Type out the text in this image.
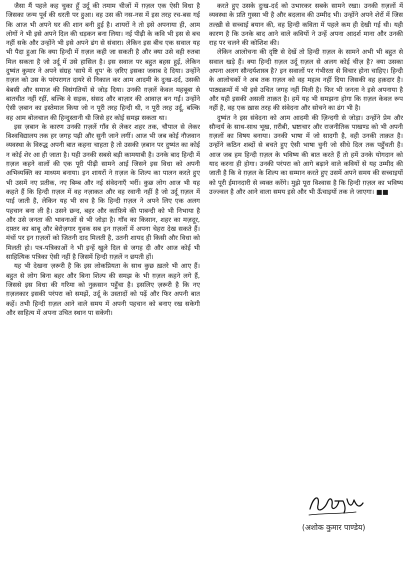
जैसा मैं पहले कह चुका हूँ उर्दू की तमाम चीजों में ग़ज़ल एक ऐसी विधा है जिसका जन्म पूर्व की धरती पर हुआ। वह उस की नस-नस में इस तरह रच-बस गई कि आज भी अपने घर की शान बनी हुई है। शायरों ने तो इसे अपनाया ही, आम लोगों ने भी इसे अपने दिल की धड़कन बना लिया। नई पीढ़ी के कवि भी इस से बच नहीं सके और उन्होंने भी इसे अपने ढंग से संवारा। लेकिन इस बीच एक सवाल यह भी पैदा हुआ कि क्या हिन्दी में ग़ज़ल कही जा सकती है और क्या उसे वही रुतबा मिल सकता है जो उर्दू में उसे हासिल है। इस सवाल पर बहुत बहस हुई, लेकिन दुष्यंत कुमार ने अपने संग्रह 'साये में धूप' के ज़रिए इसका जवाब दे दिया। उन्होंने ग़ज़ल को उस के परंपरागत दायरे से निकाल कर आम आदमी के दुःख-दर्द, उसकी बेबसी और समाज की विसंगतियों से जोड़ दिया। उनकी ग़ज़लें केवल महबूबा से बातचीत नहीं रहीं, बल्कि वे सड़क, संसद और बाज़ार की आवाज़ बन गईं। उन्होंने ऐसी ज़बान का इस्तेमाल किया जो न पूरी तरह हिन्दी थी, न पूरी तरह उर्दू, बल्कि वह आम बोलचाल की हिन्दुस्तानी थी जिसे हर कोई समझ सकता था।

इस ज़बान के कारण उनकी ग़ज़लें गाँव से लेकर शहर तक, चौपाल से लेकर विश्वविद्यालय तक हर जगह पढ़ी और सुनी जाने लगीं। आज भी जब कोई नौजवान व्यवस्था के विरुद्ध अपनी बात कहना चाहता है तो उसकी ज़बान पर दुष्यंत का कोई न कोई शेर आ ही जाता है। यही उनकी सबसे बड़ी कामयाबी है। उनके बाद हिन्दी में ग़ज़ल कहने वालों की एक पूरी पीढ़ी सामने आई जिसने इस विधा को अपनी अभिव्यक्ति का माध्यम बनाया। इन शायरों ने ग़ज़ल के शिल्प का पालन करते हुए भी उसमें नए प्रतीक, नए बिम्ब और नई संवेदनाएँ भरीं। कुछ लोग आज भी यह कहते हैं कि हिन्दी ग़ज़ल में वह नज़ाकत और वह रवानी नहीं है जो उर्दू ग़ज़ल में पाई जाती है, लेकिन यह भी सच है कि हिन्दी ग़ज़ल ने अपने लिए एक अलग पहचान बना ली है। उसने छन्द, बहर और काफ़िये की पाबन्दी को भी निभाया है और उसे जनता की भावनाओं से भी जोड़ा है। गाँव का किसान, शहर का मज़दूर, दफ़्तर का बाबू और बेरोज़गार युवक सब इन ग़ज़लों में अपना चेहरा देख सकते हैं। मंचों पर इन ग़ज़लों को जितनी दाद मिलती है, उतनी शायद ही किसी और विधा को मिलती हो। पत्र-पत्रिकाओं ने भी इन्हें खुले दिल से जगह दी और आज कोई भी साहित्यिक पत्रिका ऐसी नहीं है जिसमें हिन्दी ग़ज़लें न छपती हों।

यह भी देखना ज़रूरी है कि इस लोकप्रियता के साथ कुछ ख़तरे भी आए हैं। बहुत से लोग बिना बहर और बिना शिल्प की समझ के भी ग़ज़ल कहने लगे हैं, जिससे इस विधा की गरिमा को नुक़सान पहुँचा है। इसलिए ज़रूरी है कि नए ग़ज़लकार इसकी परंपरा को समझें, उर्दू के उस्तादों को पढ़ें और फिर अपनी बात कहें। तभी हिन्दी ग़ज़ल आने वाले समय में अपनी पहचान को बनाए रख सकेगी और साहित्य में अपना उचित स्थान पा सकेगी।

करते हुए उसके दुःख-दर्द को उभारकर सबके सामने रखा। उनकी ग़ज़लों में व्यवस्था के प्रति गुस्सा भी है और बदलाव की उम्मीद भी। उन्होंने अपने शेरों में जिस तल्ख़ी से सच्चाई बयान की, वह हिन्दी कविता में पहले कम ही देखी गई थी। यही कारण है कि उनके बाद आने वाले कवियों ने उन्हें अपना आदर्श माना और उनकी राह पर चलने की कोशिश की।

लेकिन आलोचना की दृष्टि से देखें तो हिन्दी ग़ज़ल के सामने अभी भी बहुत से सवाल खड़े हैं। क्या हिन्दी ग़ज़ल उर्दू ग़ज़ल से अलग कोई चीज़ है? क्या उसका अपना अलग सौन्दर्यशास्त्र है? इन सवालों पर गंभीरता से विचार होना चाहिए। हिन्दी के आलोचकों ने अब तक ग़ज़ल को वह महत्व नहीं दिया जिसकी वह हक़दार है। पाठ्यक्रमों में भी इसे उचित जगह नहीं मिली है। फिर भी जनता ने इसे अपनाया है और यही इसकी असली ताक़त है। हमें यह भी समझना होगा कि ग़ज़ल केवल रूप नहीं है, वह एक ख़ास तरह की संवेदना और सोचने का ढंग भी है।

दुष्यंत ने इस संवेदना को आम आदमी की ज़िन्दगी से जोड़ा। उन्होंने प्रेम और सौन्दर्य के साथ-साथ भूख, ग़रीबी, भ्रष्टाचार और राजनीतिक पाखण्ड को भी अपनी ग़ज़लों का विषय बनाया। उनकी भाषा में जो सादगी है, वही उनकी ताक़त है। उन्होंने कठिन शब्दों से बचते हुए ऐसी भाषा चुनी जो सीधे दिल तक पहुँचती है। आज जब हम हिन्दी ग़ज़ल के भविष्य की बात करते हैं तो हमें उनके योगदान को याद करना ही होगा। उनकी परंपरा को आगे बढ़ाने वाले कवियों से यह उम्मीद की जाती है कि वे ग़ज़ल के शिल्प का सम्मान करते हुए उसमें अपने समय की सच्चाइयों को पूरी ईमानदारी से व्यक्त करेंगे। मुझे पूरा विश्वास है कि हिन्दी ग़ज़ल का भविष्य उज्ज्वल है और आने वाला समय इसे और भी ऊँचाइयों तक ले जाएगा। ■■

(अशोक कुमार पाण्डेय)
